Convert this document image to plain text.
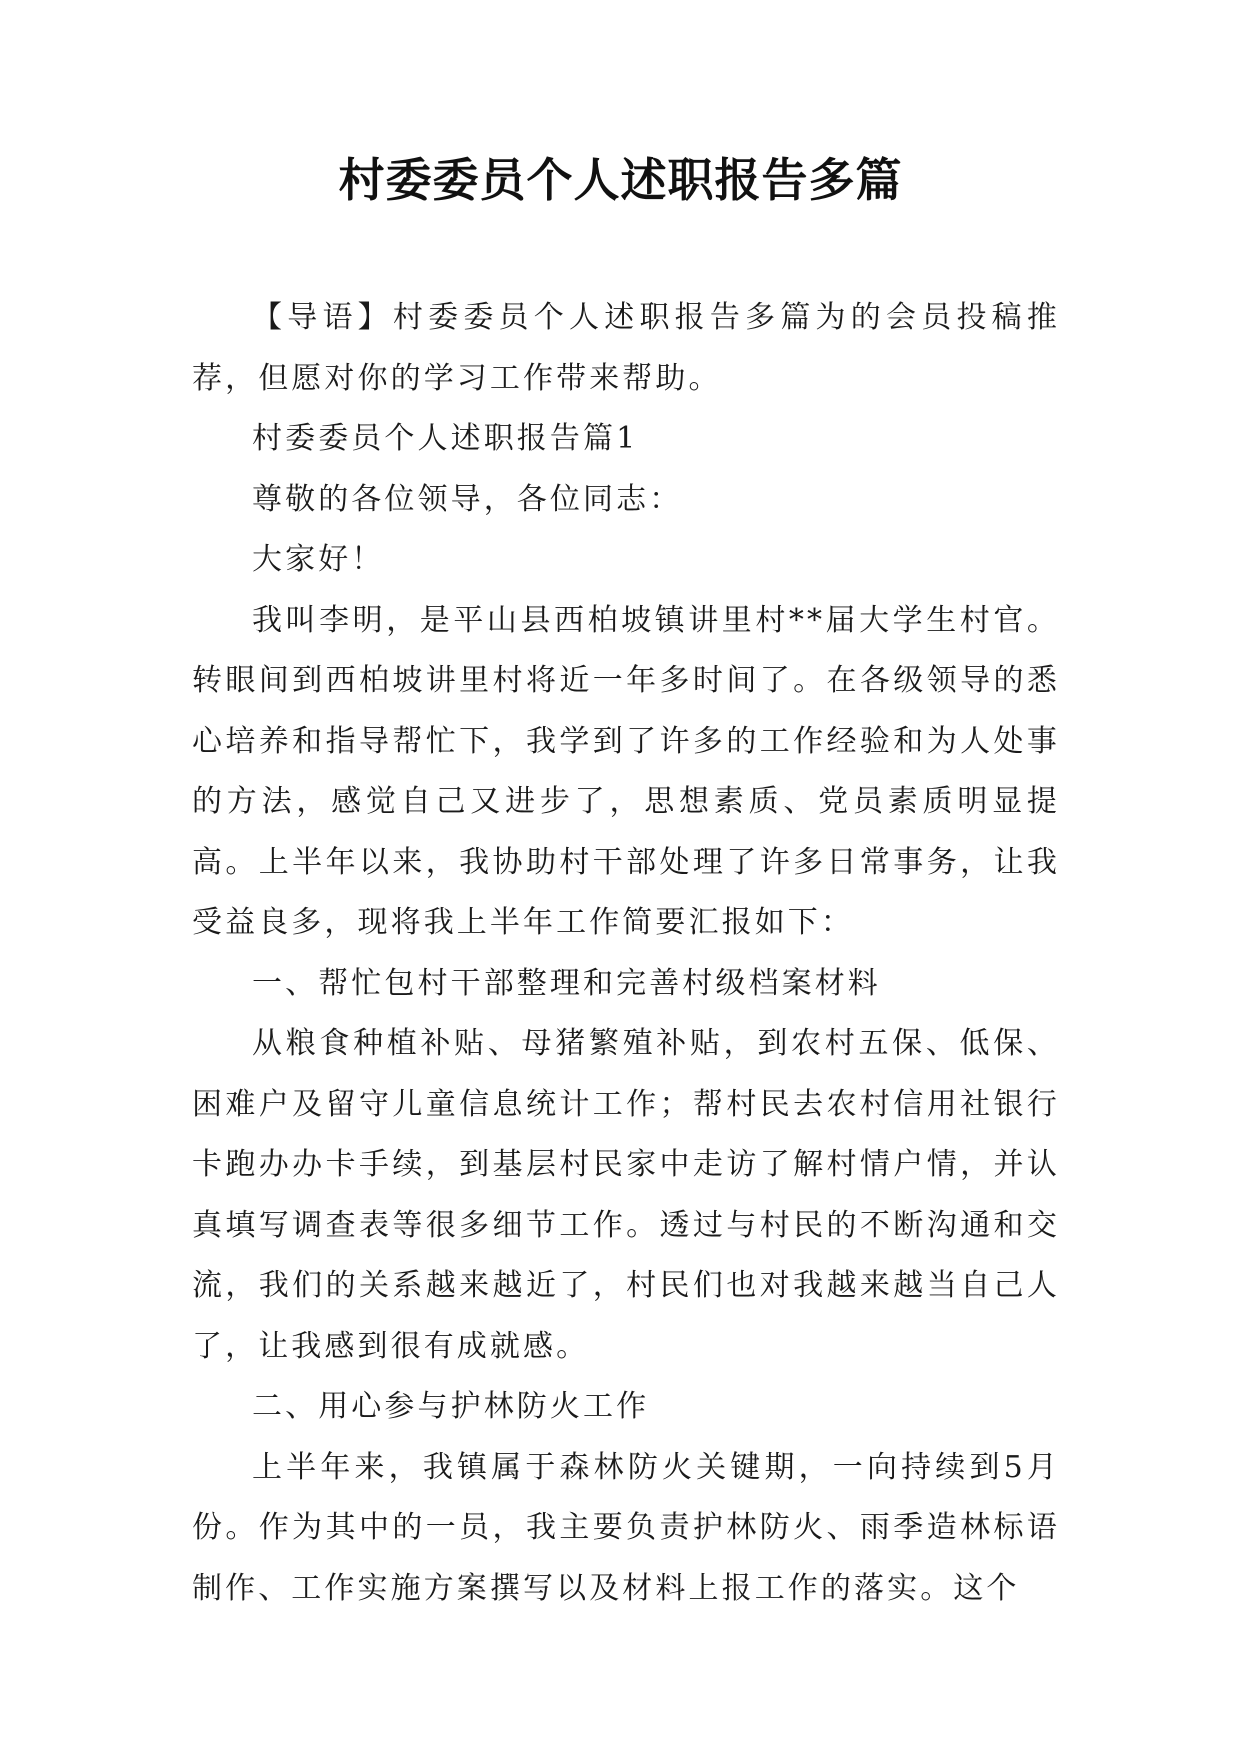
村委委员个人述职报告多篇

【导语】村委委员个人述职报告多篇为的会员投稿推荐，但愿对你的学习工作带来帮助。

村委委员个人述职报告篇1

尊敬的各位领导，各位同志：

大家好！

我叫李明，是平山县西柏坡镇讲里村**届大学生村官。转眼间到西柏坡讲里村将近一年多时间了。在各级领导的悉心培养和指导帮忙下，我学到了许多的工作经验和为人处事的方法，感觉自己又进步了，思想素质、党员素质明显提高。上半年以来，我协助村干部处理了许多日常事务，让我受益良多，现将我上半年工作简要汇报如下：

一、帮忙包村干部整理和完善村级档案材料

从粮食种植补贴、母猪繁殖补贴，到农村五保、低保、困难户及留守儿童信息统计工作；帮村民去农村信用社银行卡跑办办卡手续，到基层村民家中走访了解村情户情，并认真填写调查表等很多细节工作。透过与村民的不断沟通和交流，我们的关系越来越近了，村民们也对我越来越当自己人了，让我感到很有成就感。

二、用心参与护林防火工作

上半年来，我镇属于森林防火关键期，一向持续到5月份。作为其中的一员，我主要负责护林防火、雨季造林标语制作、工作实施方案撰写以及材料上报工作的落实。这个
